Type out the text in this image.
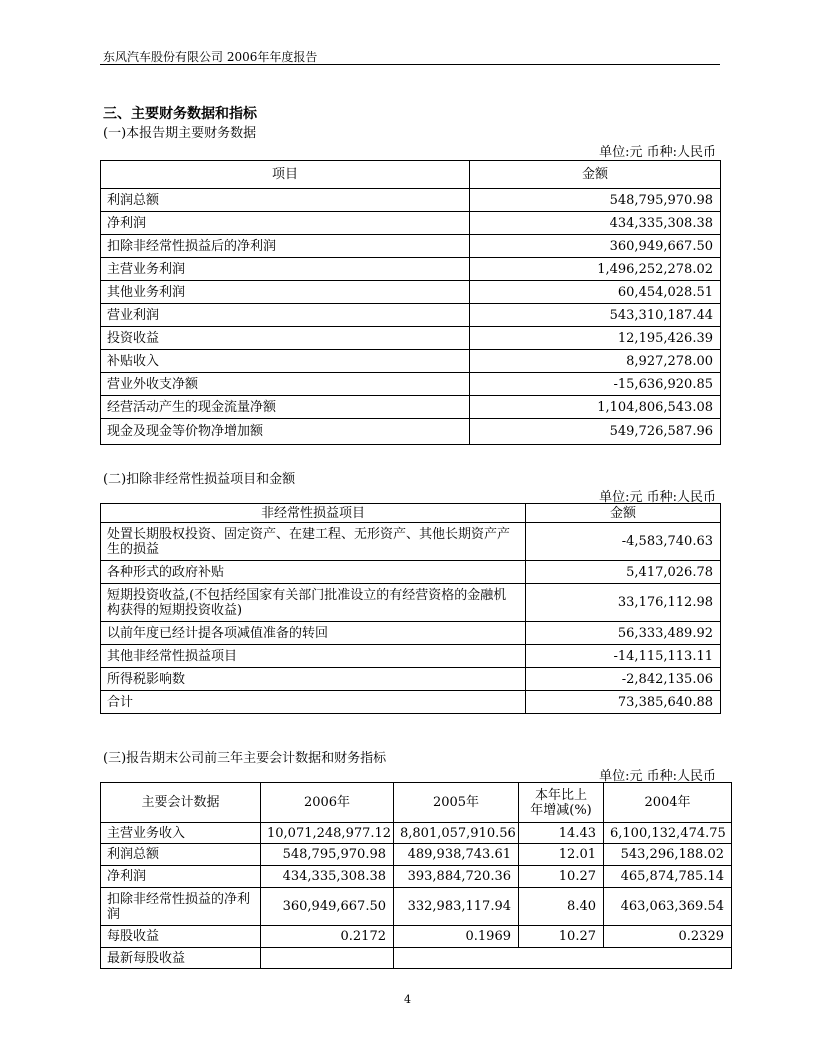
东风汽车股份有限公司 2006年年度报告
三、主要财务数据和指标
(一)本报告期主要财务数据
单位:元 币种:人民币
项目	金额
利润总额	548,795,970.98
净利润	434,335,308.38
扣除非经常性损益后的净利润	360,949,667.50
主营业务利润	1,496,252,278.02
其他业务利润	60,454,028.51
营业利润	543,310,187.44
投资收益	12,195,426.39
补贴收入	8,927,278.00
营业外收支净额	-15,636,920.85
经营活动产生的现金流量净额	1,104,806,543.08
现金及现金等价物净增加额	549,726,587.96
(二)扣除非经常性损益项目和金额
单位:元 币种:人民币
非经常性损益项目	金额
处置长期股权投资、固定资产、在建工程、无形资产、其他长期资产产生的损益	-4,583,740.63
各种形式的政府补贴	5,417,026.78
短期投资收益,(不包括经国家有关部门批准设立的有经营资格的金融机构获得的短期投资收益)	33,176,112.98
以前年度已经计提各项减值准备的转回	56,333,489.92
其他非经常性损益项目	-14,115,113.11
所得税影响数	-2,842,135.06
合计	73,385,640.88
(三)报告期末公司前三年主要会计数据和财务指标
单位:元 币种:人民币
主要会计数据	2006年	2005年	本年比上年增减(%)	2004年
主营业务收入	10,071,248,977.12	8,801,057,910.56	14.43	6,100,132,474.75
利润总额	548,795,970.98	489,938,743.61	12.01	543,296,188.02
净利润	434,335,308.38	393,884,720.36	10.27	465,874,785.14
扣除非经常性损益的净利润	360,949,667.50	332,983,117.94	8.40	463,063,369.54
每股收益	0.2172	0.1969	10.27	0.2329
最新每股收益				
4
